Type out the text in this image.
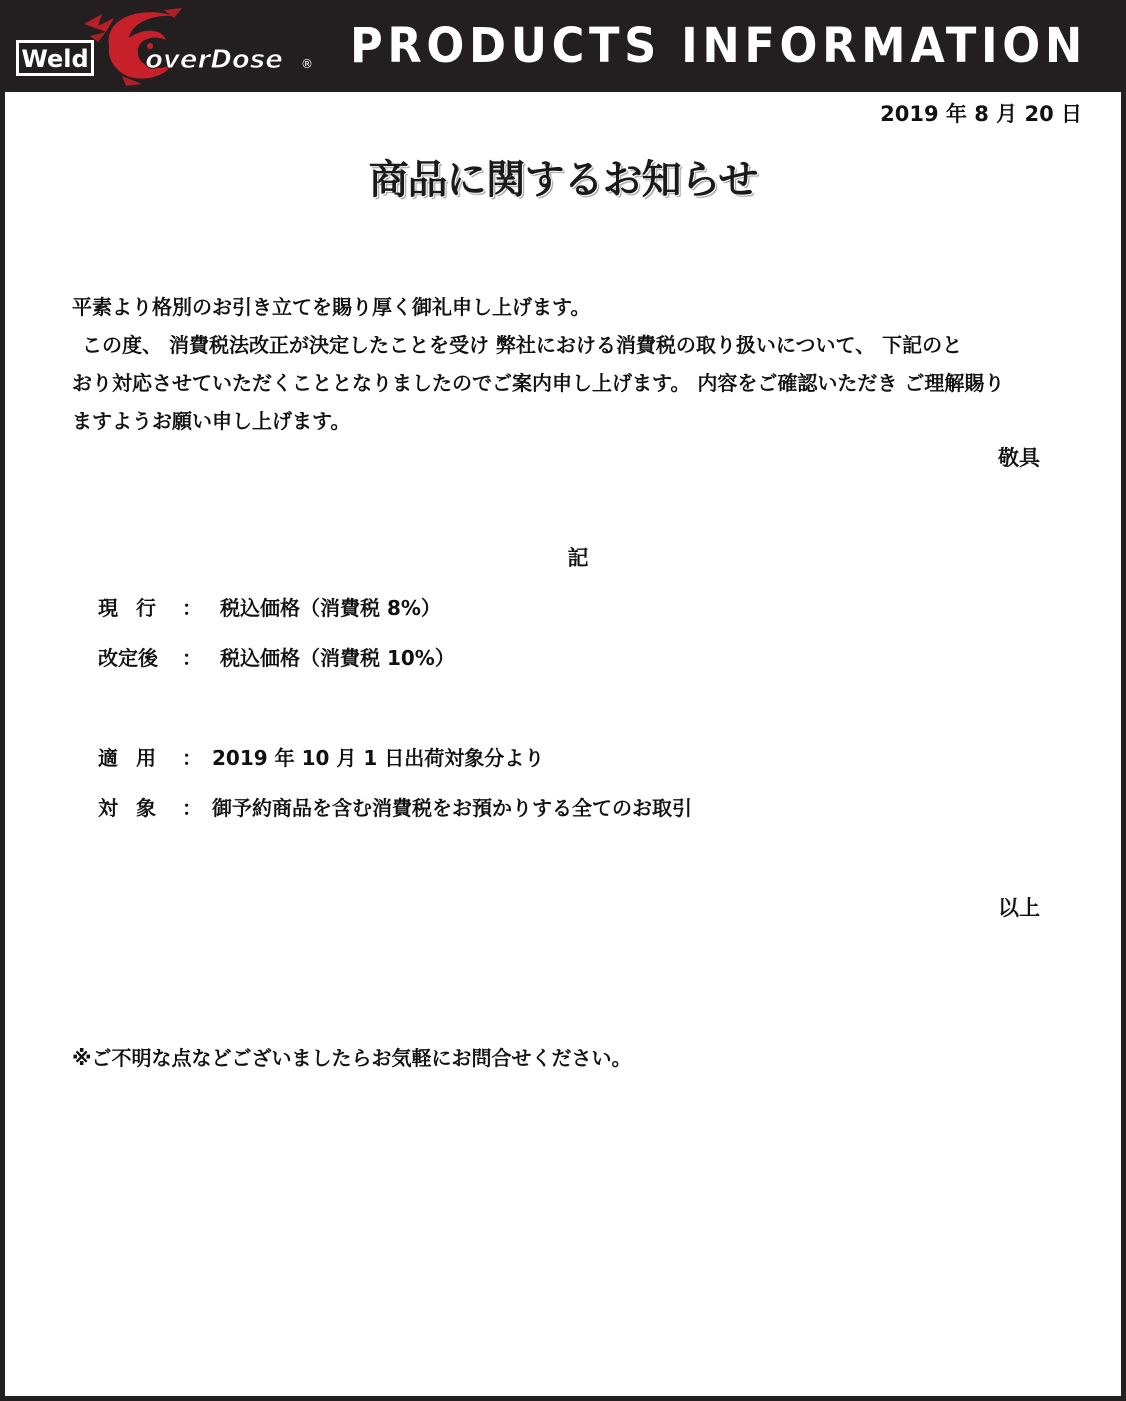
Weld overDose ® PRODUCTS INFORMATION
2019 年 8 月 20 日
商品に関するお知らせ

平素より格別のお引き立てを賜り厚く御礼申し上げます。

この度、 消費税法改正が決定したことを受け 弊社における消費税の取り扱いについて、 下記のと

おり対応させていただくこととなりましたのでご案内申し上げます。 内容をご確認いただき ご理解賜り

ますようお願い申し上げます。

敬具
記
現行 ： 税込価格（消費税 8%）
改定後 ： 税込価格（消費税 10%）
適用 ： 2019 年 10 月 1 日出荷対象分より
対象 ： 御予約商品を含む消費税をお預かりする全てのお取引
以上
※ご不明な点などございましたらお気軽にお問合せください。
